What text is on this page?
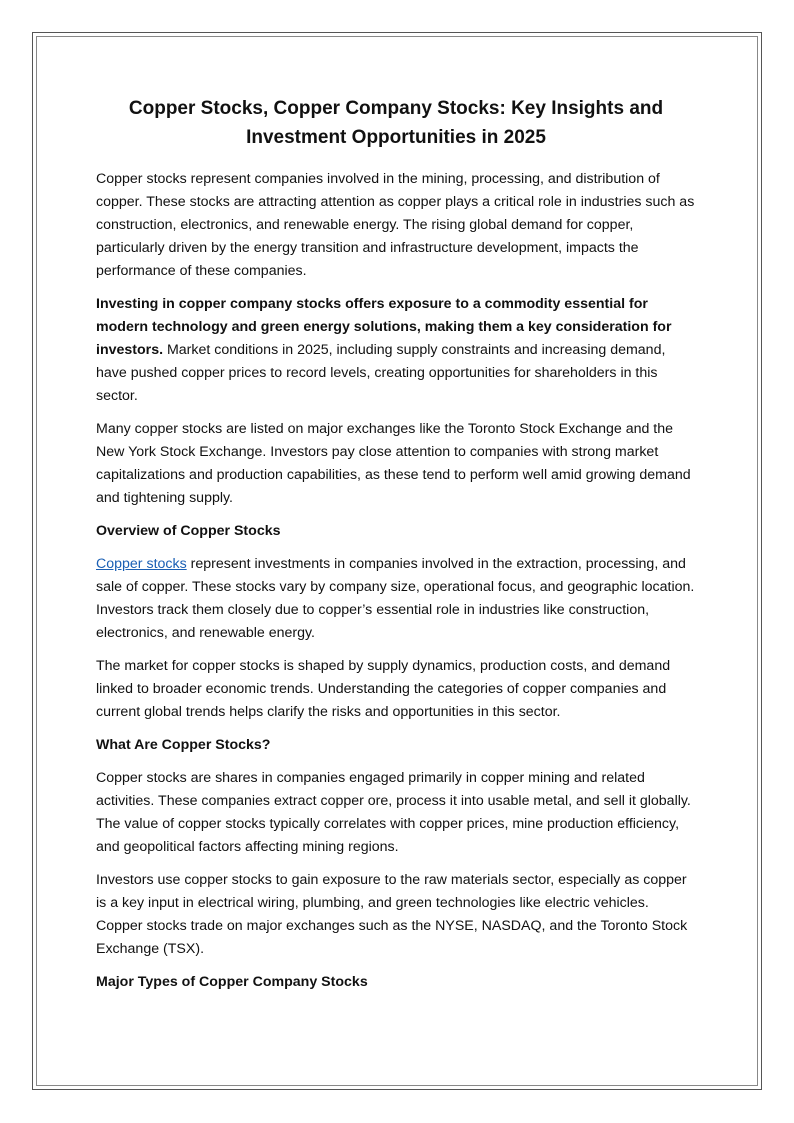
Copper Stocks, Copper Company Stocks: Key Insights and Investment Opportunities in 2025

Copper stocks represent companies involved in the mining, processing, and distribution of copper. These stocks are attracting attention as copper plays a critical role in industries such as construction, electronics, and renewable energy. The rising global demand for copper, particularly driven by the energy transition and infrastructure development, impacts the performance of these companies.

Investing in copper company stocks offers exposure to a commodity essential for modern technology and green energy solutions, making them a key consideration for investors. Market conditions in 2025, including supply constraints and increasing demand, have pushed copper prices to record levels, creating opportunities for shareholders in this sector.

Many copper stocks are listed on major exchanges like the Toronto Stock Exchange and the New York Stock Exchange. Investors pay close attention to companies with strong market capitalizations and production capabilities, as these tend to perform well amid growing demand and tightening supply.

Overview of Copper Stocks

Copper stocks represent investments in companies involved in the extraction, processing, and sale of copper. These stocks vary by company size, operational focus, and geographic location. Investors track them closely due to copper’s essential role in industries like construction, electronics, and renewable energy.

The market for copper stocks is shaped by supply dynamics, production costs, and demand linked to broader economic trends. Understanding the categories of copper companies and current global trends helps clarify the risks and opportunities in this sector.

What Are Copper Stocks?

Copper stocks are shares in companies engaged primarily in copper mining and related activities. These companies extract copper ore, process it into usable metal, and sell it globally. The value of copper stocks typically correlates with copper prices, mine production efficiency, and geopolitical factors affecting mining regions.

Investors use copper stocks to gain exposure to the raw materials sector, especially as copper is a key input in electrical wiring, plumbing, and green technologies like electric vehicles. Copper stocks trade on major exchanges such as the NYSE, NASDAQ, and the Toronto Stock Exchange (TSX).

Major Types of Copper Company Stocks
